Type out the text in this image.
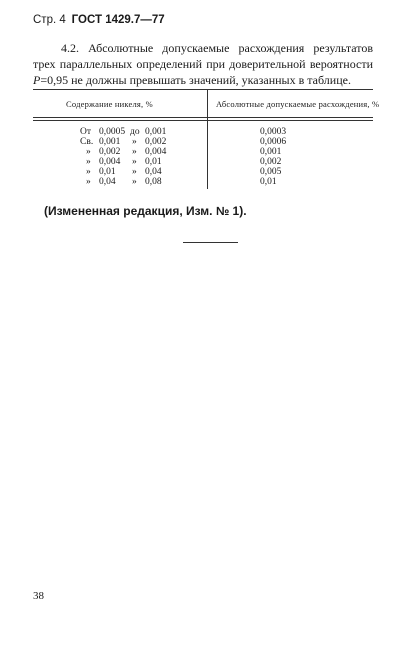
Стр. 4 ГОСТ 1429.7—77
4.2. Абсолютные допускаемые расхождения результатов трех параллельных определений при доверительной вероятности P=0,95 не должны превышать значений, указанных в таблице.
Содержание никеля, %	Абсолютные допускаемые расхождения, %
От 0,0005 до 0,001	0,0003
Св. 0,001 » 0,002	0,0006
» 0,002 » 0,004	0,001
» 0,004 » 0,01	0,002
» 0,01 » 0,04	0,005
» 0,04 » 0,08	0,01
(Измененная редакция, Изм. № 1).
38
